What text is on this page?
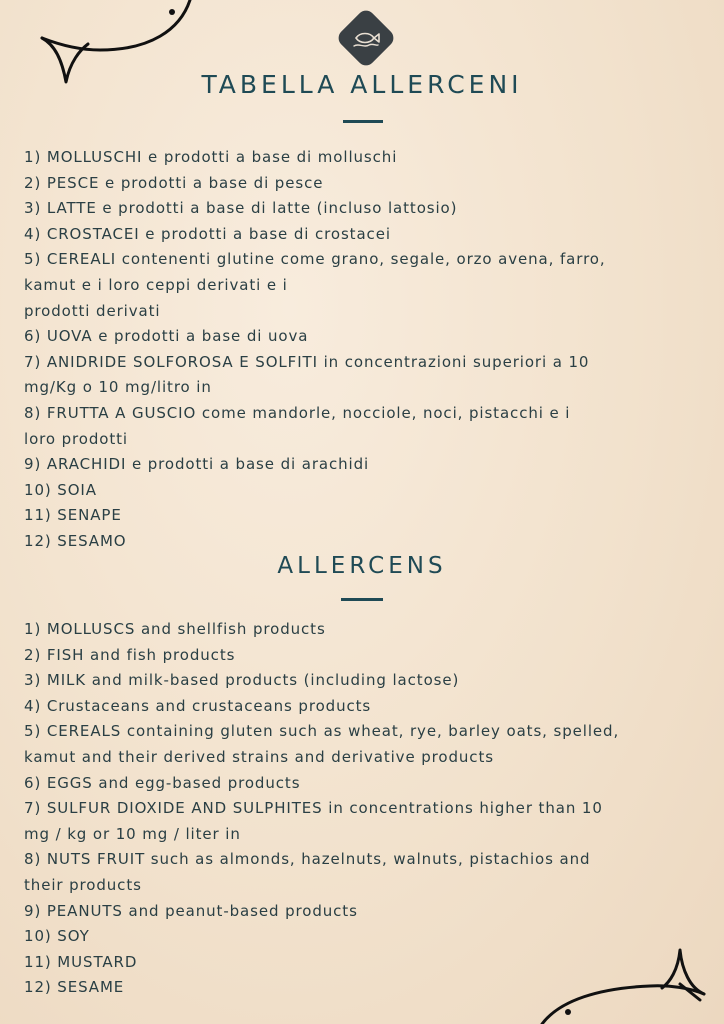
TABELLA ALLERCENI
1) MOLLUSCHI e prodotti a base di molluschi
2) PESCE e prodotti a base di pesce
3) LATTE e prodotti a base di latte (incluso lattosio)
4) CROSTACEI e prodotti a base di crostacei
5) CEREALI contenenti glutine come grano, segale, orzo avena, farro,
kamut e i loro ceppi derivati e i
prodotti derivati
6) UOVA e prodotti a base di uova
7) ANIDRIDE SOLFOROSA E SOLFITI in concentrazioni superiori a 10
mg/Kg o 10 mg/litro in
8) FRUTTA A GUSCIO come mandorle, nocciole, noci, pistacchi e i
loro prodotti
9) ARACHIDI e prodotti a base di arachidi
10) SOIA
11) SENAPE
12) SESAMO
ALLERCENS
1) MOLLUSCS and shellfish products
2) FISH and fish products
3) MILK and milk-based products (including lactose)
4) Crustaceans and crustaceans products
5) CEREALS containing gluten such as wheat, rye, barley oats, spelled,
kamut and their derived strains and derivative products
6) EGGS and egg-based products
7) SULFUR DIOXIDE AND SULPHITES in concentrations higher than 10
mg / kg or 10 mg / liter in
8) NUTS FRUIT such as almonds, hazelnuts, walnuts, pistachios and
their products
9) PEANUTS and peanut-based products
10) SOY
11) MUSTARD
12) SESAME
